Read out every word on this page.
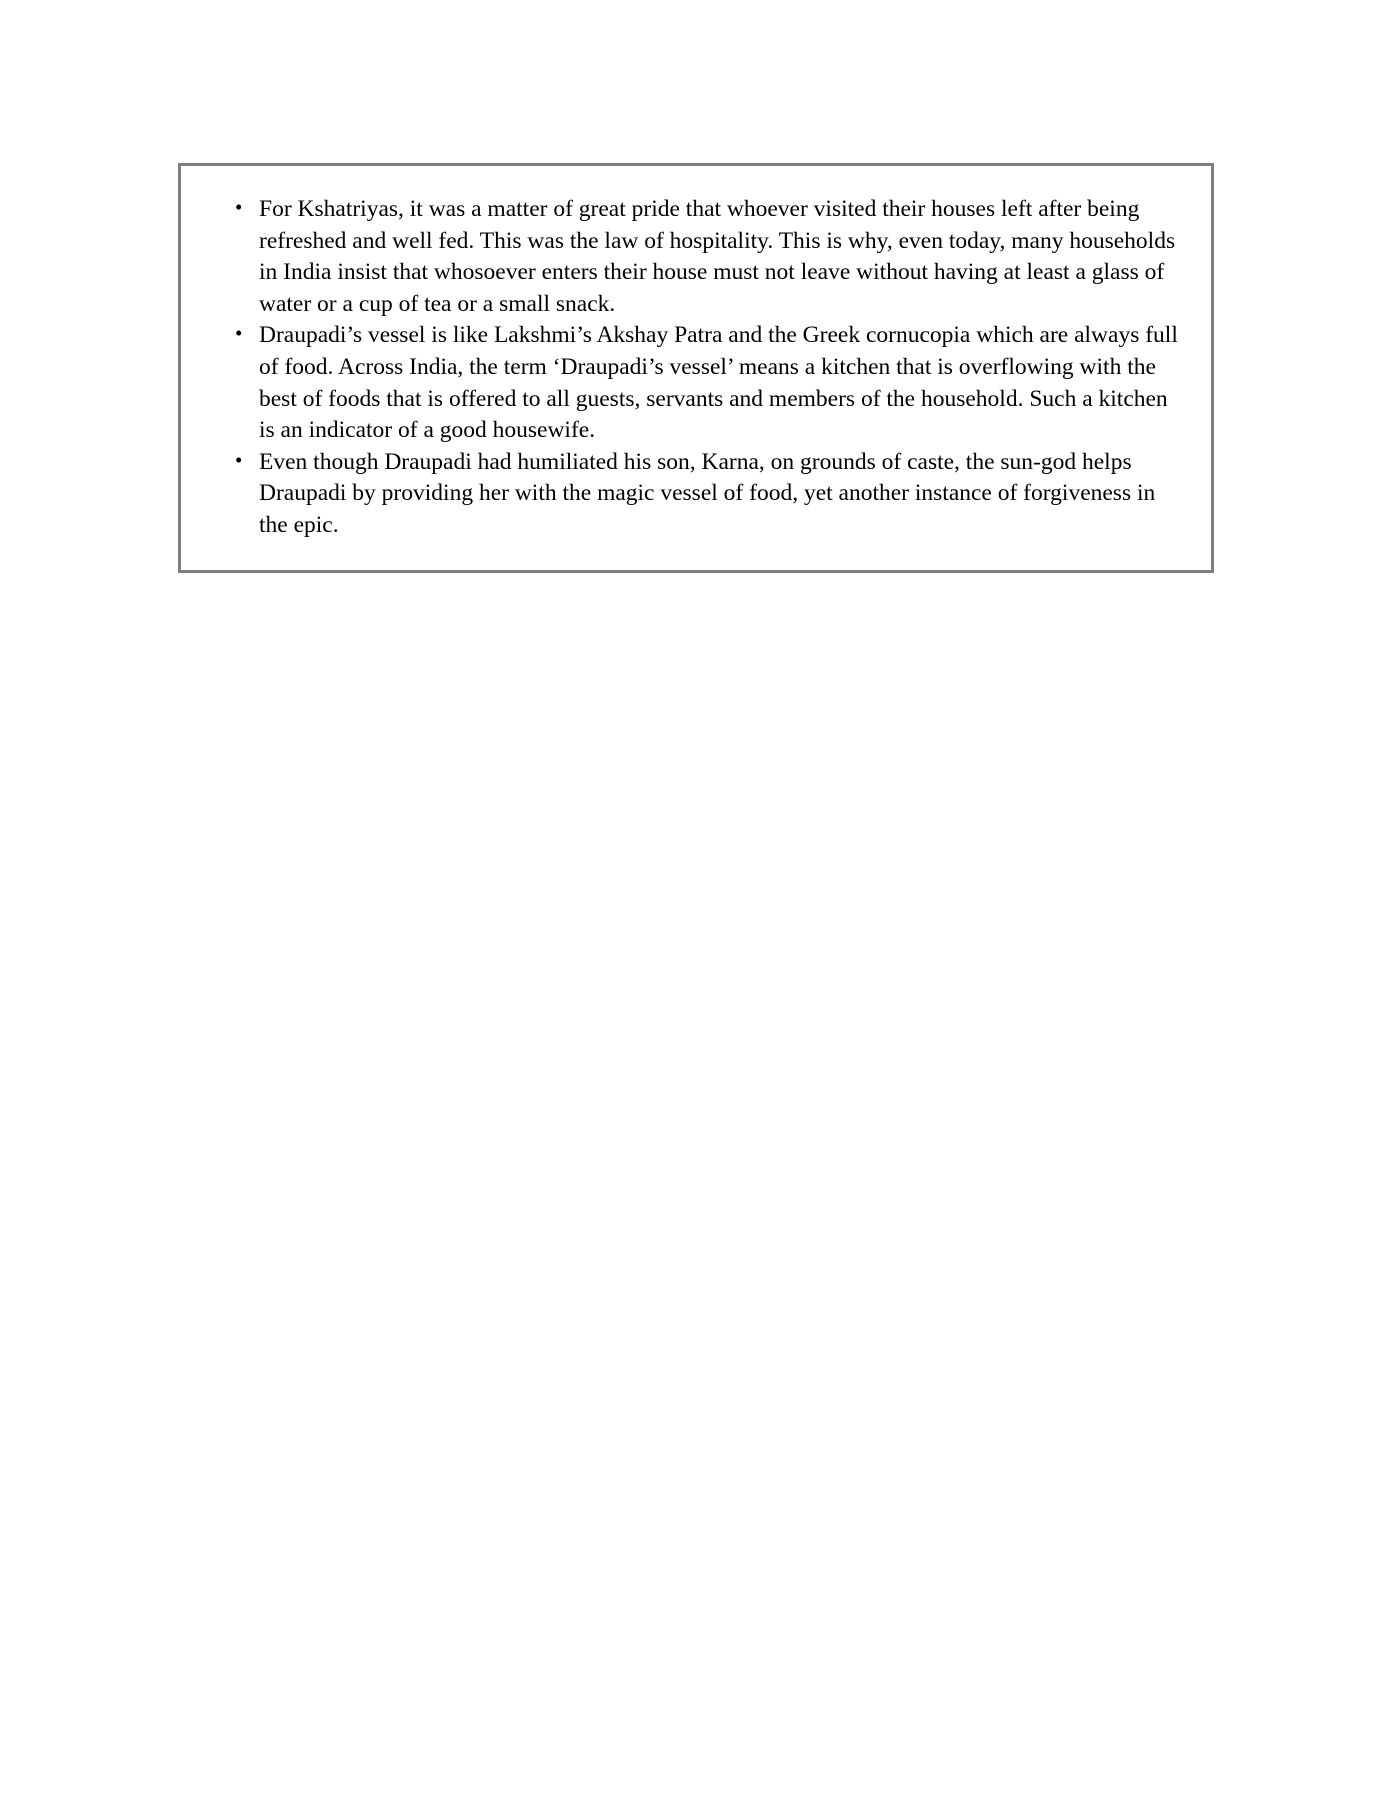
• For Kshatriyas, it was a matter of great pride that whoever visited their houses left after being refreshed and well fed. This was the law of hospitality. This is why, even today, many households in India insist that whosoever enters their house must not leave without having at least a glass of water or a cup of tea or a small snack.
• Draupadi’s vessel is like Lakshmi’s Akshay Patra and the Greek cornucopia which are always full of food. Across India, the term ‘Draupadi’s vessel’ means a kitchen that is overflowing with the best of foods that is offered to all guests, servants and members of the household. Such a kitchen is an indicator of a good housewife.
• Even though Draupadi had humiliated his son, Karna, on grounds of caste, the sun-god helps Draupadi by providing her with the magic vessel of food, yet another instance of forgiveness in the epic.
